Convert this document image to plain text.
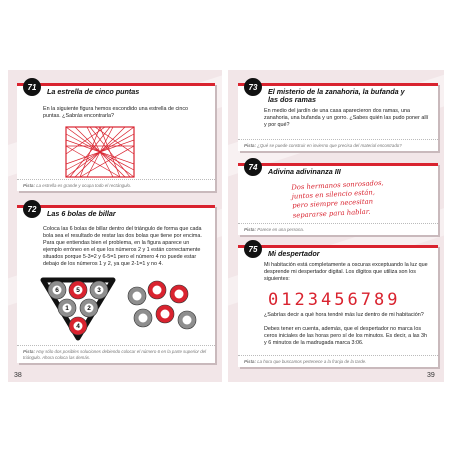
71	La estrella de cinco puntas
En la siguiente figura hemos escondido una estrella de cinco puntas. ¿Sabrás encontrarla?
Pista: La estrella es grande y ocupa todo el rectángulo.
72	Las 6 bolas de billar
Coloca las 6 bolas de billar dentro del triángulo de forma que cada bola sea el resultado de restar las dos bolas que tiene por encima. Para que entiendas bien el problema, en la figura aparece un ejemplo erróneo en el que los números 2 y 1 están correctamente situados porque 5-3=2 y 6-5=1 pero el número 4 no puede estar debajo de los números 1 y 2, ya que 2-1=1 y no 4.
6	5	3
1	2
4
Pista: Hay sólo dos posibles soluciones debiendo colocar el número 6 en la parte superior del triángulo. Ahora coloca las demás.
38
73	El misterio de la zanahoria, la bufanda y
las dos ramas
En medio del jardín de una casa aparecieron dos ramas, una zanahoria, una bufanda y un gorro. ¿Sabes quién las pudo poner allí y por qué?
Pista: ¿Qué se puede construir en invierno que precisa del material encontrado?
74	Adivina adivinanza III
Dos hermanos sonrosados,
juntos en silencio están,
pero siempre necesitan
separarse para hablar.
Pista: Parece en una persona.
75	Mi despertador
Mi habitación está completamente a oscuras exceptuando la luz que desprende mi despertador digital. Los dígitos que utiliza son los siguientes:
0 1 2 3 4 5 6 7 8 9
¿Sabrías decir a qué hora tendré más luz dentro de mi habitación?
Debes tener en cuenta, además, que el despertador no marca los ceros iniciales de las horas pero sí de los minutos. Es decir, a las 3h y 6 minutos de la madrugada marca 3:06.
Pista: La hora que buscamos pertenece a la franja de la tarde.
39
